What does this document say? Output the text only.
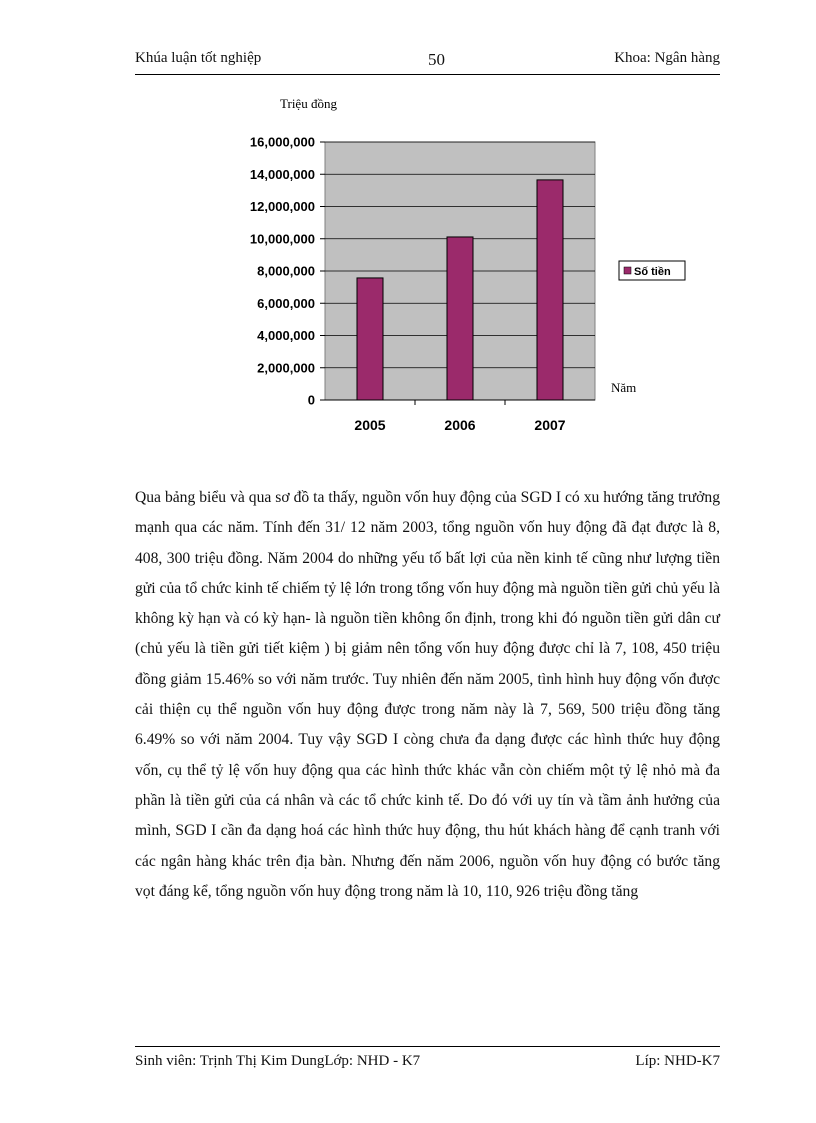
Khúa luận tốt nghiệp	50	Khoa: Ngân hàng
0
2,000,000
4,000,000
6,000,000
8,000,000
10,000,000
12,000,000
14,000,000
16,000,000
2005	2006	2007
Triệu đồng
Năm
Số tiền

Qua bảng biểu và qua sơ đồ ta thấy, nguồn vốn huy động của SGD I có xu hướng tăng trưởng mạnh qua các năm. Tính đến 31/ 12 năm 2003, tổng nguồn vốn huy động đã đạt được là 8, 408, 300 triệu đồng. Năm 2004 do những yếu tố bất lợi của nền kinh tế cũng như lượng tiền gửi của tổ chức kinh tế chiếm tỷ lệ lớn trong tổng vốn huy động mà nguồn tiền gửi chủ yếu là không kỳ hạn và có kỳ hạn- là nguồn tiền không ổn định, trong khi đó nguồn tiền gửi dân cư (chủ yếu là tiền gửi tiết kiệm ) bị giảm nên tổng vốn huy động được chỉ là 7, 108, 450 triệu đồng giảm 15.46% so với năm trước. Tuy nhiên đến năm 2005, tình hình huy động vốn được cải thiện cụ thể nguồn vốn huy động được trong năm này là 7, 569, 500 triệu đồng tăng 6.49% so với năm 2004. Tuy vậy SGD I còng chưa đa dạng được các hình thức huy động vốn, cụ thể tỷ lệ vốn huy động qua các hình thức khác vẫn còn chiếm một tỷ lệ nhỏ mà đa phần là tiền gửi của cá nhân và các tổ chức kinh tế. Do đó với uy tín và tầm ảnh hưởng của mình, SGD I cần đa dạng hoá các hình thức huy động, thu hút khách hàng để cạnh tranh với các ngân hàng khác trên địa bàn. Nhưng đến năm 2006, nguồn vốn huy động có bước tăng vọt đáng kể, tổng nguồn vốn huy động trong năm là 10, 110, 926 triệu đồng tăng

Sinh viên: Trịnh Thị Kim DungLớp: NHD - K7	Líp: NHD-K7
